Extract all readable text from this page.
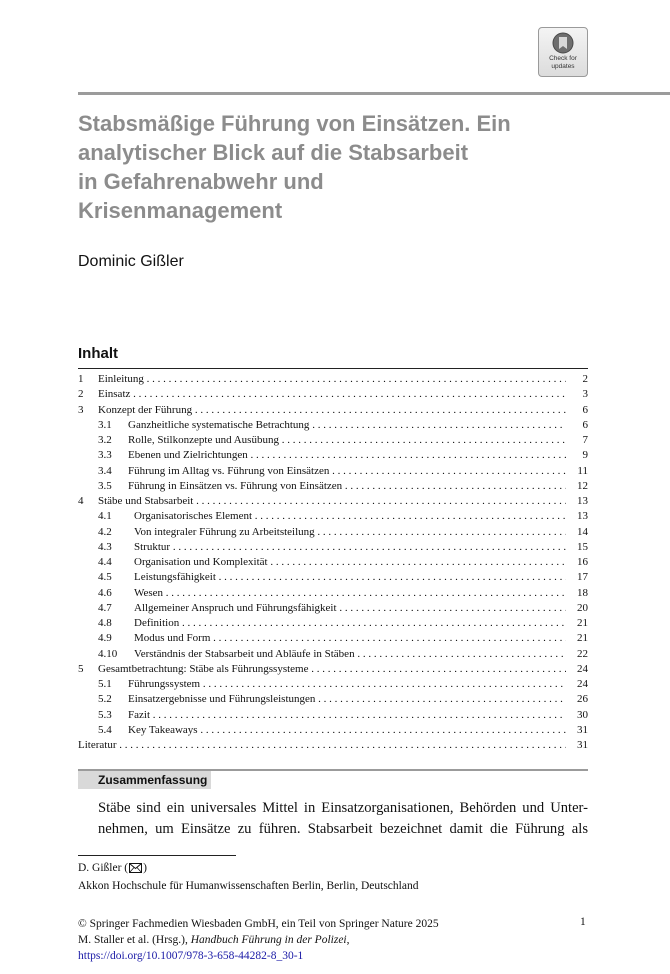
Check for
updates
Stabsmäßige Führung von Einsätzen. Ein
analytischer Blick auf die Stabsarbeit
in Gefahrenabwehr und
Krisenmanagement
Dominic Gißler
Inhalt
1 Einleitung . . .	2
2 Einsatz . . .	3
3 Konzept der Führung . . .	6
3.1 Ganzheitliche systematische Betrachtung . . .	6
3.2 Rolle, Stilkonzepte und Ausübung . . .	7
3.3 Ebenen und Zielrichtungen . . .	9
3.4 Führung im Alltag vs. Führung von Einsätzen . . .	11
3.5 Führung in Einsätzen vs. Führung von Einsätzen . . .	12
4 Stäbe und Stabsarbeit . . .	13
4.1 Organisatorisches Element . . .	13
4.2 Von integraler Führung zu Arbeitsteilung . . .	14
4.3 Struktur . . .	15
4.4 Organisation und Komplexität . . .	16
4.5 Leistungsfähigkeit . . .	17
4.6 Wesen . . .	18
4.7 Allgemeiner Anspruch und Führungsfähigkeit . . .	20
4.8 Definition . . .	21
4.9 Modus und Form . . .	21
4.10 Verständnis der Stabsarbeit und Abläufe in Stäben . . .	22
5 Gesamtbetrachtung: Stäbe als Führungssysteme . . .	24
5.1 Führungssystem . . .	24
5.2 Einsatzergebnisse und Führungsleistungen . . .	26
5.3 Fazit . . .	30
5.4 Key Takeaways . . .	31
Literatur . . .	31
Zusammenfassung
Stäbe sind ein universales Mittel in Einsatzorganisationen, Behörden und Unter-
nehmen, um Einsätze zu führen. Stabsarbeit bezeichnet damit die Führung als
D. Gißler ( )
Akkon Hochschule für Humanwissenschaften Berlin, Berlin, Deutschland
© Springer Fachmedien Wiesbaden GmbH, ein Teil von Springer Nature 2025
M. Staller et al. (Hrsg.), Handbuch Führung in der Polizei,
https://doi.org/10.1007/978-3-658-44282-8_30-1
1
